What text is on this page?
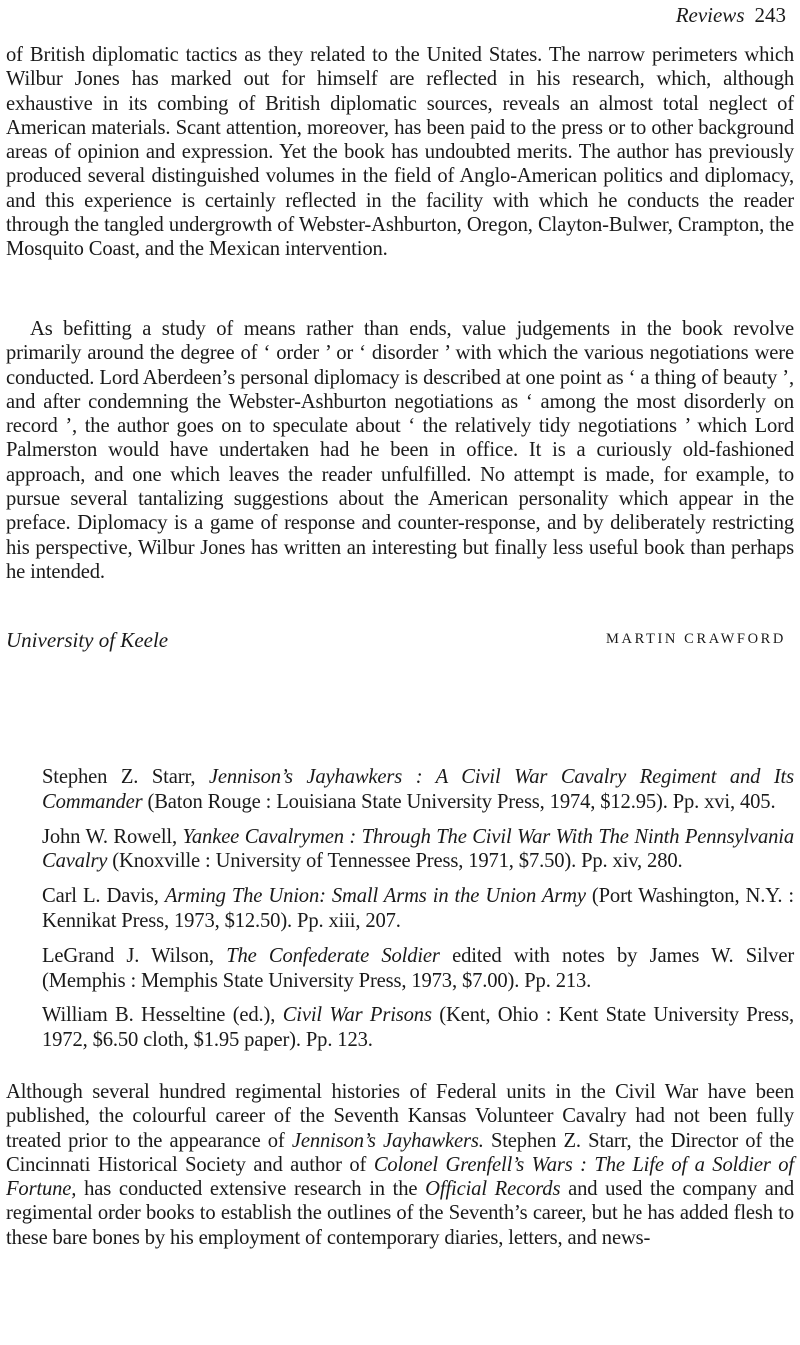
Reviews 243

of British diplomatic tactics as they related to the United States. The narrow perimeters which Wilbur Jones has marked out for himself are reflected in his research, which, although exhaustive in its combing of British diplomatic sources, reveals an almost total neglect of American materials. Scant attention, moreover, has been paid to the press or to other background areas of opinion and expression. Yet the book has undoubted merits. The author has previously produced several distinguished volumes in the field of Anglo-American politics and diplomacy, and this experience is certainly reflected in the facility with which he conducts the reader through the tangled undergrowth of Webster-Ashburton, Oregon, Clayton-Bulwer, Crampton, the Mosquito Coast, and the Mexican intervention.

As befitting a study of means rather than ends, value judgements in the book revolve primarily around the degree of ‘ order ’ or ‘ disorder ’ with which the various negotiations were conducted. Lord Aberdeen’s personal diplomacy is described at one point as ‘ a thing of beauty ’, and after condemning the Webster-Ashburton negotiations as ‘ among the most disorderly on record ’, the author goes on to speculate about ‘ the relatively tidy negotiations ’ which Lord Palmerston would have undertaken had he been in office. It is a curiously old-fashioned approach, and one which leaves the reader unfulfilled. No attempt is made, for example, to pursue several tantalizing suggestions about the American personality which appear in the preface. Diplomacy is a game of response and counter-response, and by deliberately restricting his perspective, Wilbur Jones has written an interesting but finally less useful book than perhaps he intended.

University of Keele	MARTIN CRAWFORD

Stephen Z. Starr, Jennison’s Jayhawkers : A Civil War Cavalry Regiment and Its Commander (Baton Rouge : Louisiana State University Press, 1974, $12.95). Pp. xvi, 405.

John W. Rowell, Yankee Cavalrymen : Through The Civil War With The Ninth Pennsylvania Cavalry (Knoxville : University of Tennessee Press, 1971, $7.50). Pp. xiv, 280.

Carl L. Davis, Arming The Union: Small Arms in the Union Army (Port Washington, N.Y. : Kennikat Press, 1973, $12.50). Pp. xiii, 207.

LeGrand J. Wilson, The Confederate Soldier edited with notes by James W. Silver (Memphis : Memphis State University Press, 1973, $7.00). Pp. 213.

William B. Hesseltine (ed.), Civil War Prisons (Kent, Ohio : Kent State University Press, 1972, $6.50 cloth, $1.95 paper). Pp. 123.

Although several hundred regimental histories of Federal units in the Civil War have been published, the colourful career of the Seventh Kansas Volunteer Cavalry had not been fully treated prior to the appearance of Jennison’s Jayhawkers. Stephen Z. Starr, the Director of the Cincinnati Historical Society and author of Colonel Grenfell’s Wars : The Life of a Soldier of Fortune, has conducted extensive research in the Official Records and used the company and regimental order books to establish the outlines of the Seventh’s career, but he has added flesh to these bare bones by his employment of contemporary diaries, letters, and news-
